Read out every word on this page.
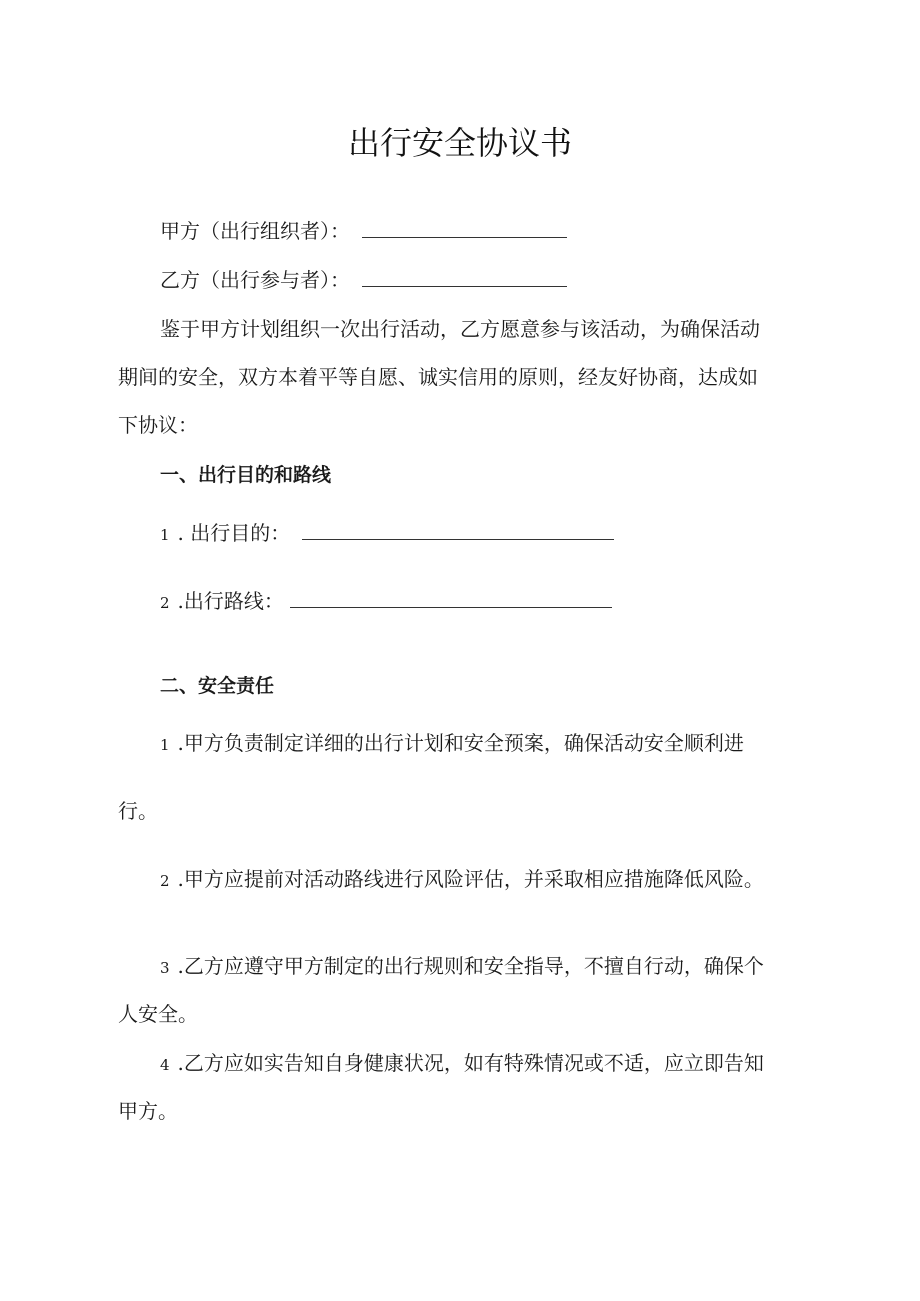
出行安全协议书
甲方（出行组织者）：
乙方（出行参与者）：
鉴于甲方计划组织一次出行活动，乙方愿意参与该活动，为确保活动
期间的安全，双方本着平等自愿、诚实信用的原则，经友好协商，达成如
下协议：
一、出行目的和路线
1 . 出行目的：
2 .出行路线：
二、安全责任
1 .甲方负责制定详细的出行计划和安全预案，确保活动安全顺利进
行。
2 .甲方应提前对活动路线进行风险评估，并采取相应措施降低风险。
3 .乙方应遵守甲方制定的出行规则和安全指导，不擅自行动，确保个
人安全。
4 .乙方应如实告知自身健康状况，如有特殊情况或不适，应立即告知
甲方。
